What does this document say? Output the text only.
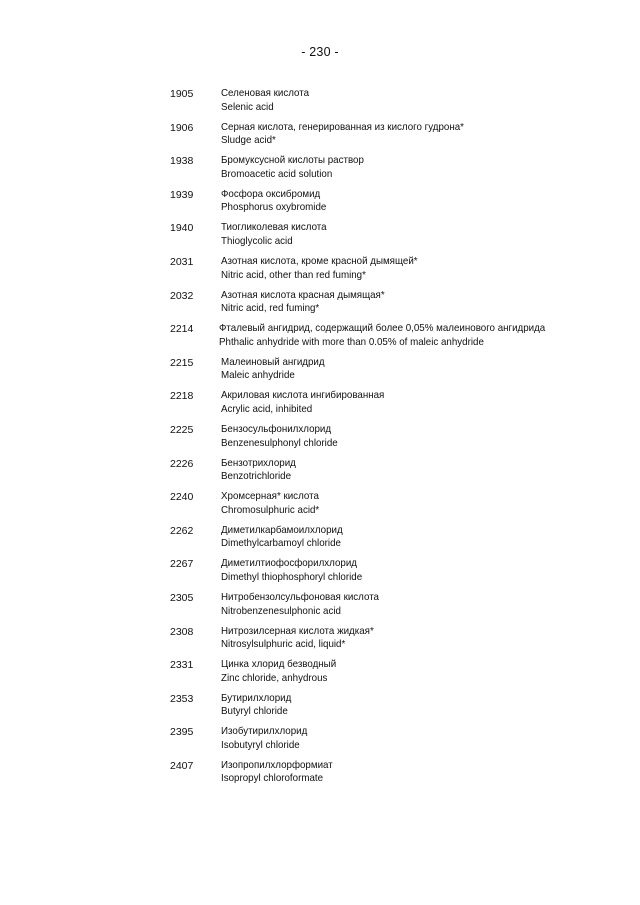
- 230 -
1905	Селеновая кислота
Selenic acid
1906	Серная кислота, генерированная из кислого гудрона*
Sludge acid*
1938	Бромуксусной кислоты раствор
Bromoacetic acid solution
1939	Фосфора оксибромид
Phosphorus oxybromide
1940	Тиогликолевая кислота
Thioglycolic acid
2031	Азотная кислота, кроме красной дымящей*
Nitric acid, other than red fuming*
2032	Азотная кислота красная дымящая*
Nitric acid, red fuming*
2214	Фталевый ангидрид, содержащий более 0,05% малеинового ангидрида
Phthalic anhydride with more than 0.05% of maleic anhydride
2215	Малеиновый ангидрид
Maleic anhydride
2218	Акриловая кислота ингибированная
Acrylic acid, inhibited
2225	Бензосульфонилхлорид
Benzenesulphonyl chloride
2226	Бензотрихлорид
Benzotrichloride
2240	Хромсерная* кислота
Chromosulphuric acid*
2262	Диметилкарбамоилхлорид
Dimethylcarbamoyl chloride
2267	Диметилтиофосфорилхлорид
Dimethyl thiophosphoryl chloride
2305	Нитробензолсульфоновая кислота
Nitrobenzenesulphonic acid
2308	Нитрозилсерная кислота жидкая*
Nitrosylsulphuric acid, liquid*
2331	Цинка хлорид безводный
Zinc chloride, anhydrous
2353	Бутирилхлорид
Butyryl chloride
2395	Изобутирилхлорид
Isobutyryl chloride
2407	Изопропилхлорформиат
Isopropyl chloroformate
